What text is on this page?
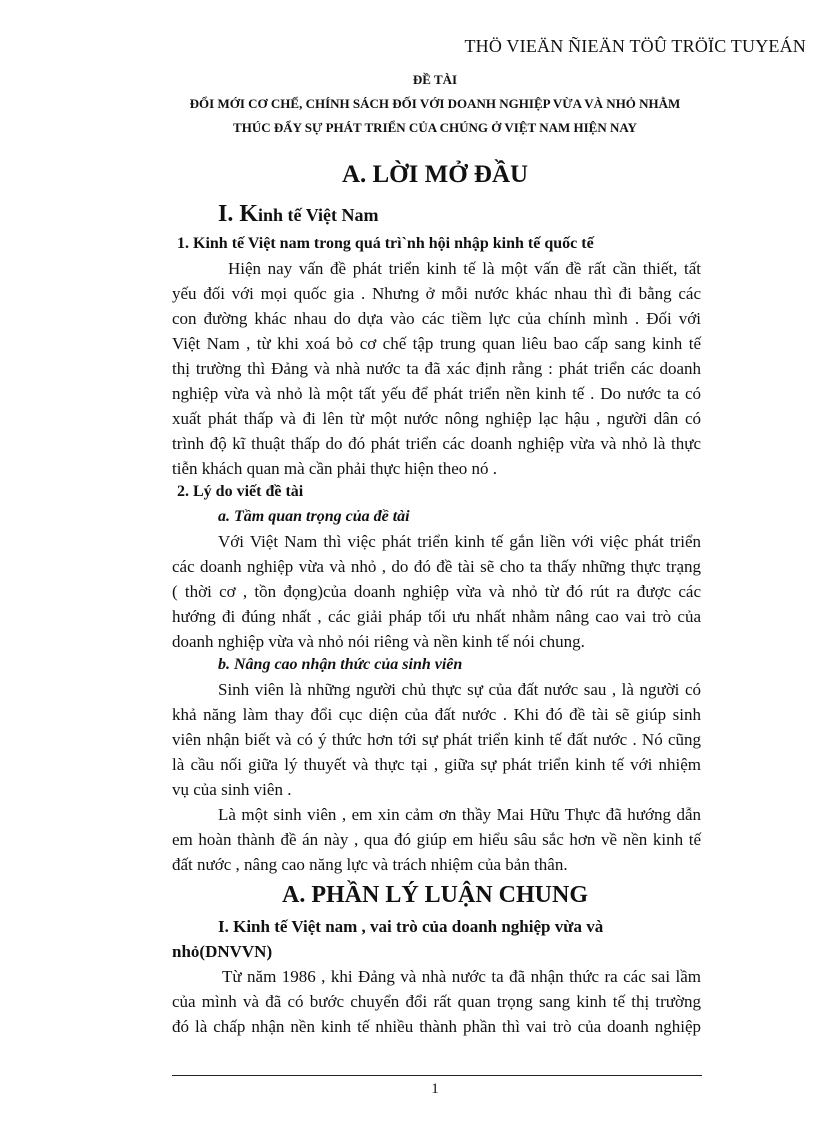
THÖ VIEÄN ÑIEÄN TÖÛ TRÖÏC TUYEÁN
ĐỀ TÀI
ĐỔI MỚI CƠ CHẾ, CHÍNH SÁCH ĐỐI VỚI DOANH NGHIỆP VỪA VÀ NHỎ NHẰM
THÚC ĐẨY SỰ PHÁT TRIỂN CỦA CHÚNG Ở VIỆT NAM HIỆN NAY
A. LỜI MỞ ĐẦU
I. Kinh tế Việt Nam
1. Kinh tế Việt nam trong quá trì`nh hội nhập kinh tế quốc tế
Hiện nay vấn đề phát triển kinh tế là một vấn đề rất cần thiết, tất
yếu đối với mọi quốc gia . Nhưng ở mỗi nước khác nhau thì đi bằng các
con đường khác nhau do dựa vào các tiềm lực của chính mình . Đối với
Việt Nam , từ khi xoá bỏ cơ chế tập trung quan liêu bao cấp sang kinh tế
thị trường thì Đảng và nhà nước ta đã xác định rằng : phát triển các doanh
nghiệp vừa và nhỏ là một tất yếu để phát triển nền kinh tế . Do nước ta có
xuất phát thấp và đi lên từ một nước nông nghiệp lạc hậu , người dân có
trình độ kĩ thuật thấp do đó phát triển các doanh nghiệp vừa và nhỏ là thực
tiễn khách quan mà cần phải thực hiện theo nó .
2. Lý do viết đề tài
a. Tầm quan trọng của đề tài
Với Việt Nam thì việc phát triển kinh tế gắn liền với việc phát triển
các doanh nghiệp vừa và nhỏ , do đó đề tài sẽ cho ta thấy những thực trạng
( thời cơ , tồn đọng)của doanh nghiệp vừa và nhỏ từ đó rút ra được các
hướng đi đúng nhất , các giải pháp tối ưu nhất nhằm nâng cao vai trò của
doanh nghiệp vừa và nhỏ nói riêng và nền kinh tế nói chung.
b. Nâng cao nhận thức của sinh viên
Sinh viên là những người chủ thực sự của đất nước sau , là người có
khả năng làm thay đổi cục diện của đất nước . Khi đó đề tài sẽ giúp sinh
viên nhận biết và có ý thức hơn tới sự phát triển kinh tế đất nước . Nó cũng
là cầu nối giữa lý thuyết và thực tại , giữa sự phát triển kinh tế với nhiệm
vụ của sinh viên .
Là một sinh viên , em xin cảm ơn thầy Mai Hữu Thực đã hướng dẫn
em hoàn thành đề án này , qua đó giúp em hiểu sâu sắc hơn về nền kinh tế
đất nước , nâng cao năng lực và trách nhiệm của bản thân.
A. PHẦN LÝ LUẬN CHUNG
I. Kinh tế Việt nam , vai trò của doanh nghiệp vừa và
nhỏ(DNVVN)
Từ năm 1986 , khi Đảng và nhà nước ta đã nhận thức ra các sai lầm
của mình và đã có bước chuyển đổi rất quan trọng sang kinh tế thị trường
đó là chấp nhận nền kinh tế nhiều thành phần thì vai trò của doanh nghiệp
1
